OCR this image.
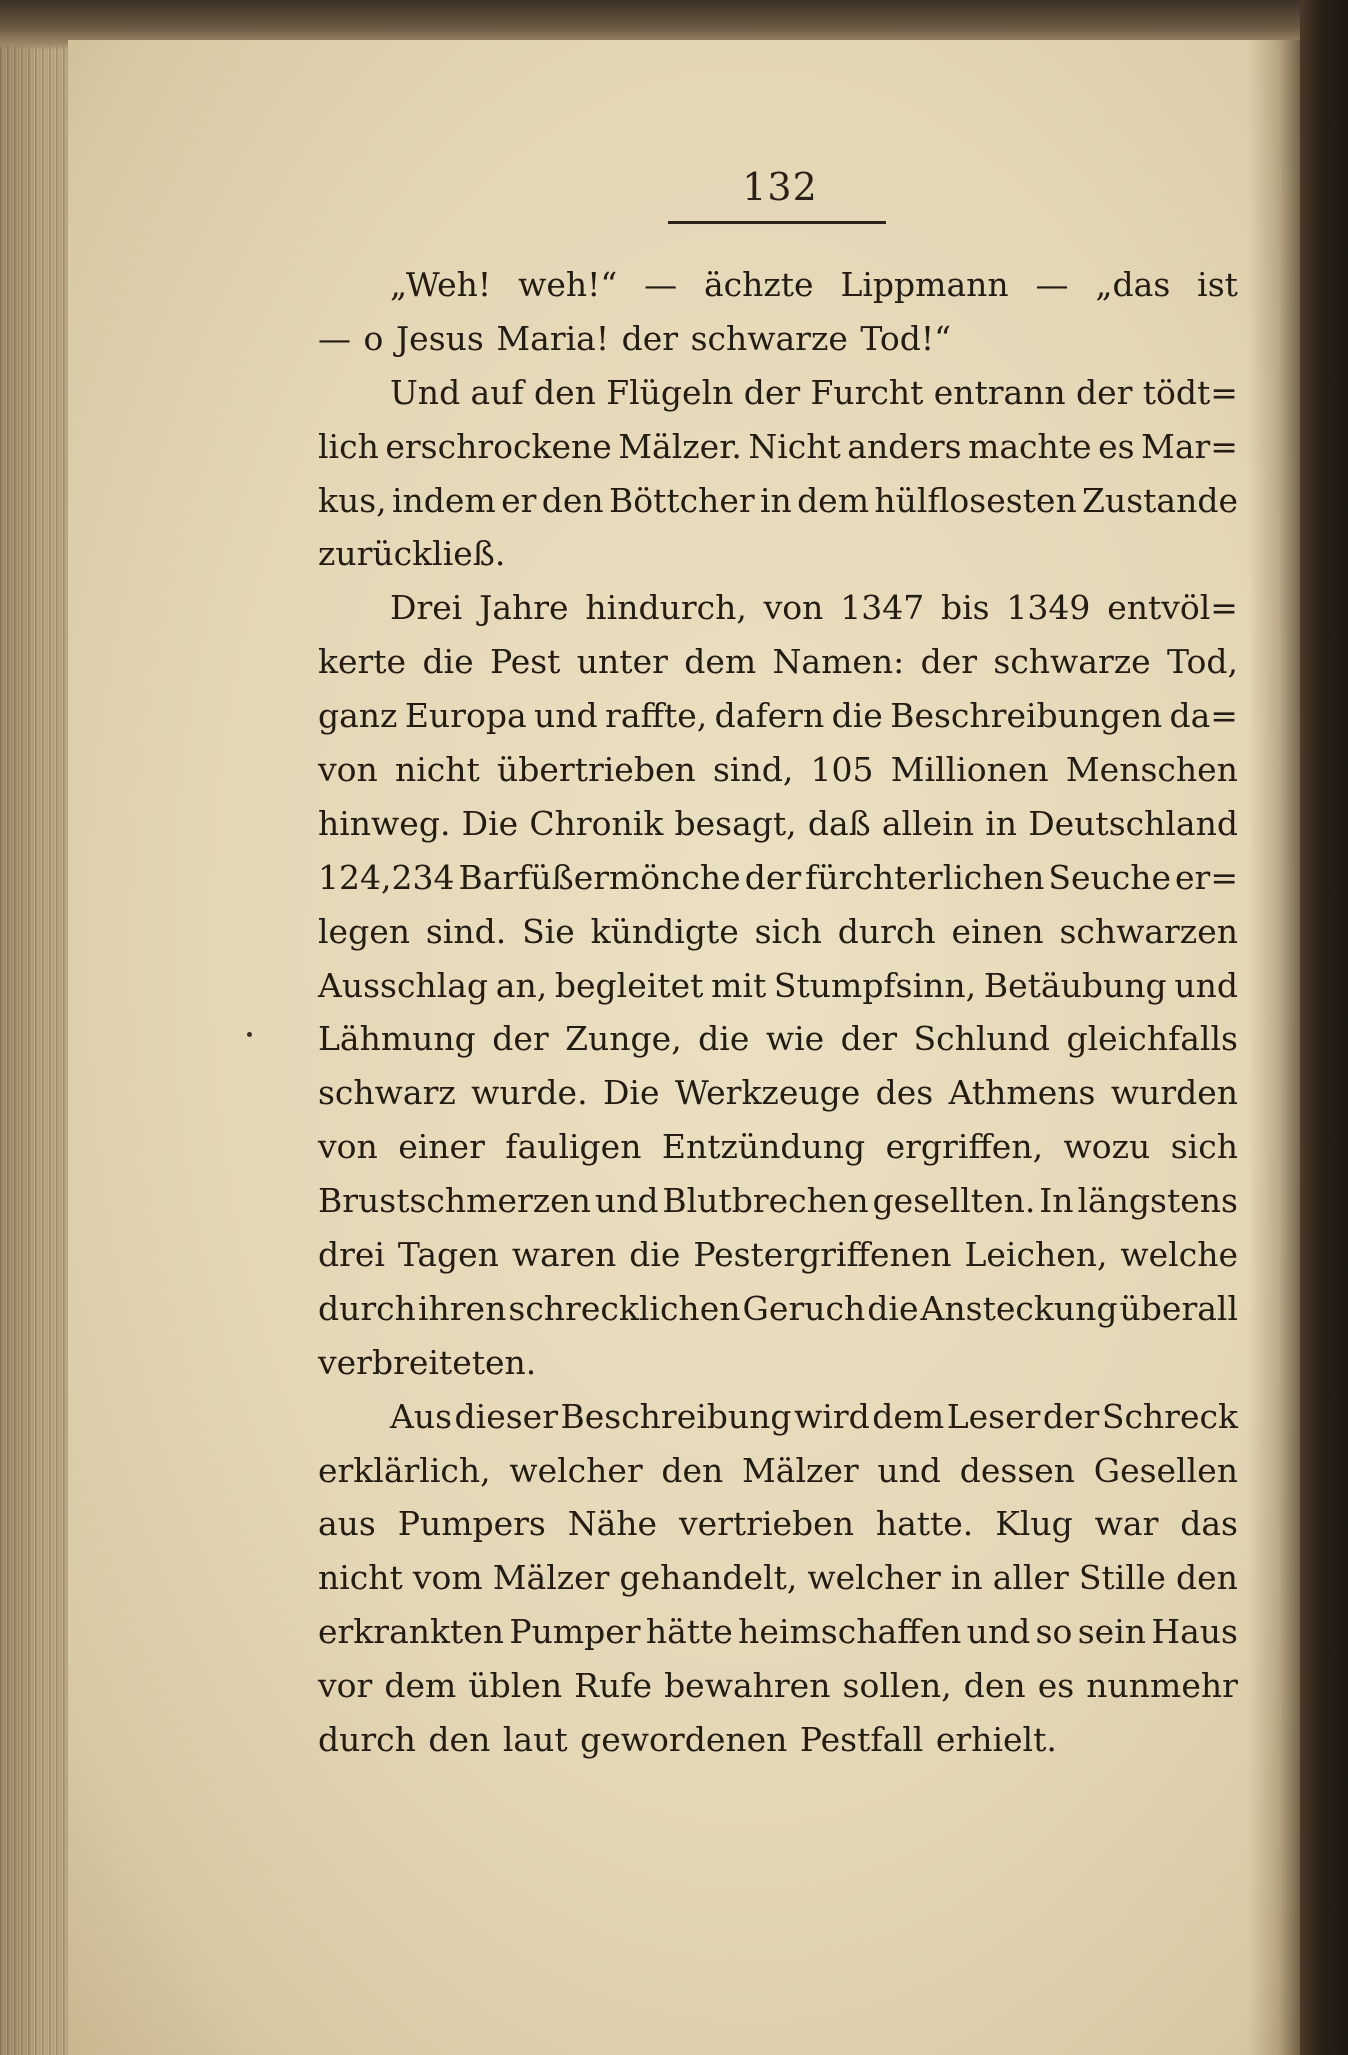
132
„Weh! weh!“ — ächzte Lippmann — „das ist
— o Jesus Maria! der schwarze Tod!“
Und auf den Flügeln der Furcht entrann der tödt=
lich erschrockene Mälzer. Nicht anders machte es Mar=
kus, indem er den Böttcher in dem hülflosesten Zustande
zurückließ.
Drei Jahre hindurch, von 1347 bis 1349 entvöl=
kerte die Pest unter dem Namen: der schwarze Tod,
ganz Europa und raffte, dafern die Beschreibungen da=
von nicht übertrieben sind, 105 Millionen Menschen
hinweg. Die Chronik besagt, daß allein in Deutschland
124,234 Barfüßermönche der fürchterlichen Seuche er=
legen sind. Sie kündigte sich durch einen schwarzen
Ausschlag an, begleitet mit Stumpfsinn, Betäubung und
Lähmung der Zunge, die wie der Schlund gleichfalls
schwarz wurde. Die Werkzeuge des Athmens wurden
von einer fauligen Entzündung ergriffen, wozu sich
Brustschmerzen und Blutbrechen gesellten. In längstens
drei Tagen waren die Pestergriffenen Leichen, welche
durch ihren schrecklichen Geruch die Ansteckung überall
verbreiteten.
Aus dieser Beschreibung wird dem Leser der Schreck
erklärlich, welcher den Mälzer und dessen Gesellen
aus Pumpers Nähe vertrieben hatte. Klug war das
nicht vom Mälzer gehandelt, welcher in aller Stille den
erkrankten Pumper hätte heimschaffen und so sein Haus
vor dem üblen Rufe bewahren sollen, den es nunmehr
durch den laut gewordenen Pestfall erhielt.
